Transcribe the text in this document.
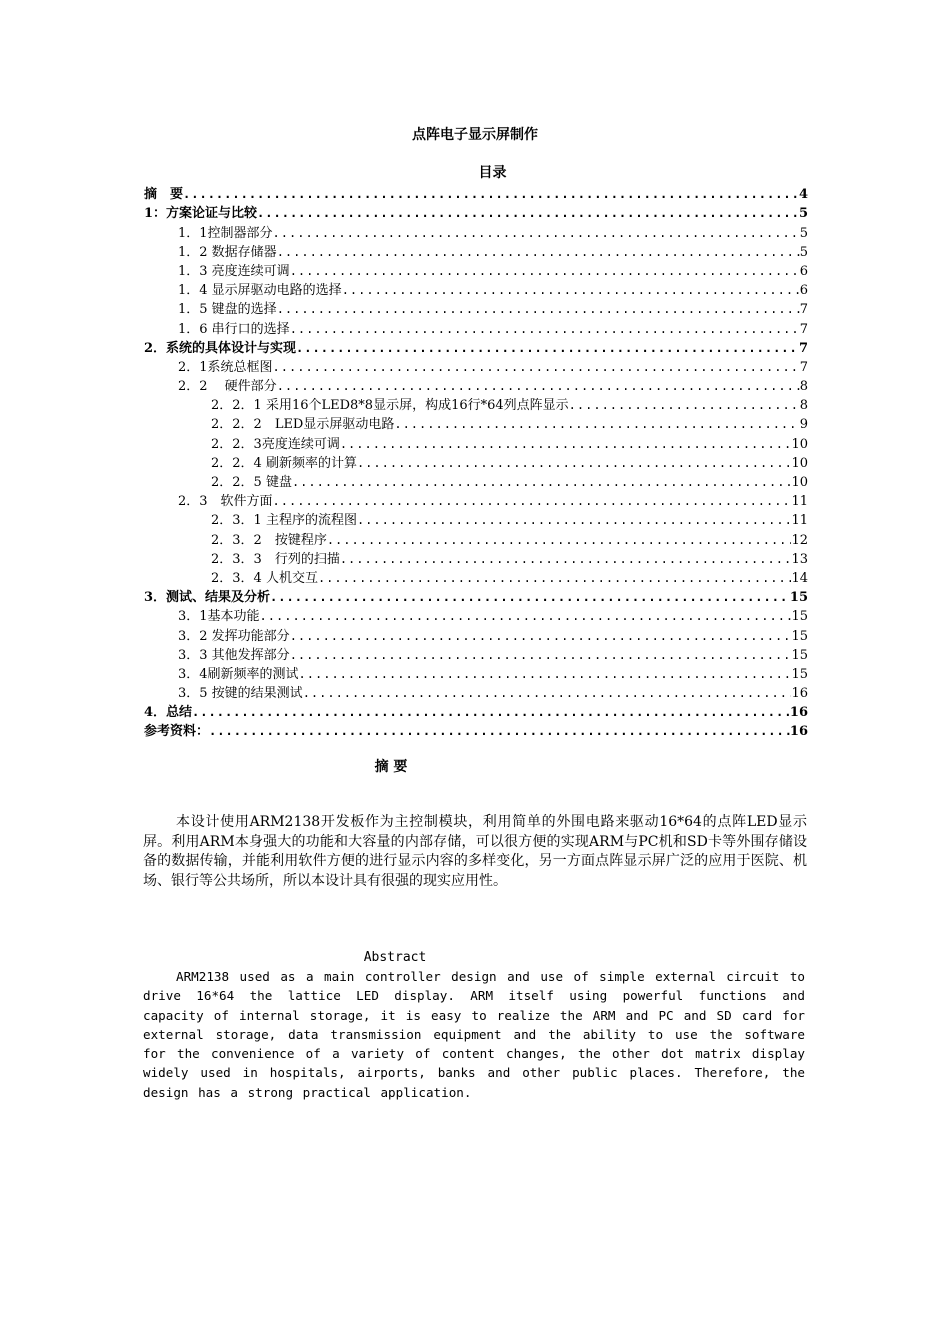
点阵电子显示屏制作
目录
摘　要 .....	4
1：方案论证与比较 .....	5
1．1控制器部分 .....	5
1．2 数据存储器 .....	5
1．3 亮度连续可调 .....	6
1．4 显示屏驱动电路的选择 .....	6
1．5 键盘的选择 .....	7
1．6 串行口的选择 .....	7
2．系统的具体设计与实现 .....	7
2．1系统总框图 .....	7
2．2　 硬件部分 .....	8
2．2．1 采用16个LED8*8显示屏，构成16行*64列点阵显示 .....	8
2．2．2　LED显示屏驱动电路 .....	9
2．2．3亮度连续可调 .....	10
2．2．4 刷新频率的计算 .....	10
2．2．5 键盘 .....	10
2．3　软件方面 .....	11
2．3．1 主程序的流程图 .....	11
2．3．2　按键程序 .....	12
2．3．3　行列的扫描 .....	13
2．3．4 人机交互 .....	14
3．测试、结果及分析 .....	15
3．1基本功能 .....	15
3．2 发挥功能部分 .....	15
3．3 其他发挥部分 .....	15
3．4刷新频率的测试 .....	15
3．5 按键的结果测试 .....	16
4．总结 .....	16
参考资料： .....	16
摘 要
本设计使用ARM2138开发板作为主控制模块，利用简单的外围电路来驱动16*64的点阵LED显示屏。利用ARM本身强大的功能和大容量的内部存储，可以很方便的实现ARM与PC机和SD卡等外围存储设备的数据传输，并能利用软件方便的进行显示内容的多样变化，另一方面点阵显示屏广泛的应用于医院、机场、银行等公共场所，所以本设计具有很强的现实应用性。
Abstract
ARM2138 used as a main controller design and use of simple external circuit to drive 16*64 the lattice LED display. ARM itself using powerful functions and capacity of internal storage, it is easy to realize the ARM and PC and SD card for external storage, data transmission equipment and the ability to use the software for the convenience of a variety of content changes, the other dot matrix display widely used in hospitals, airports, banks and other public places. Therefore, the design has a strong practical application.
